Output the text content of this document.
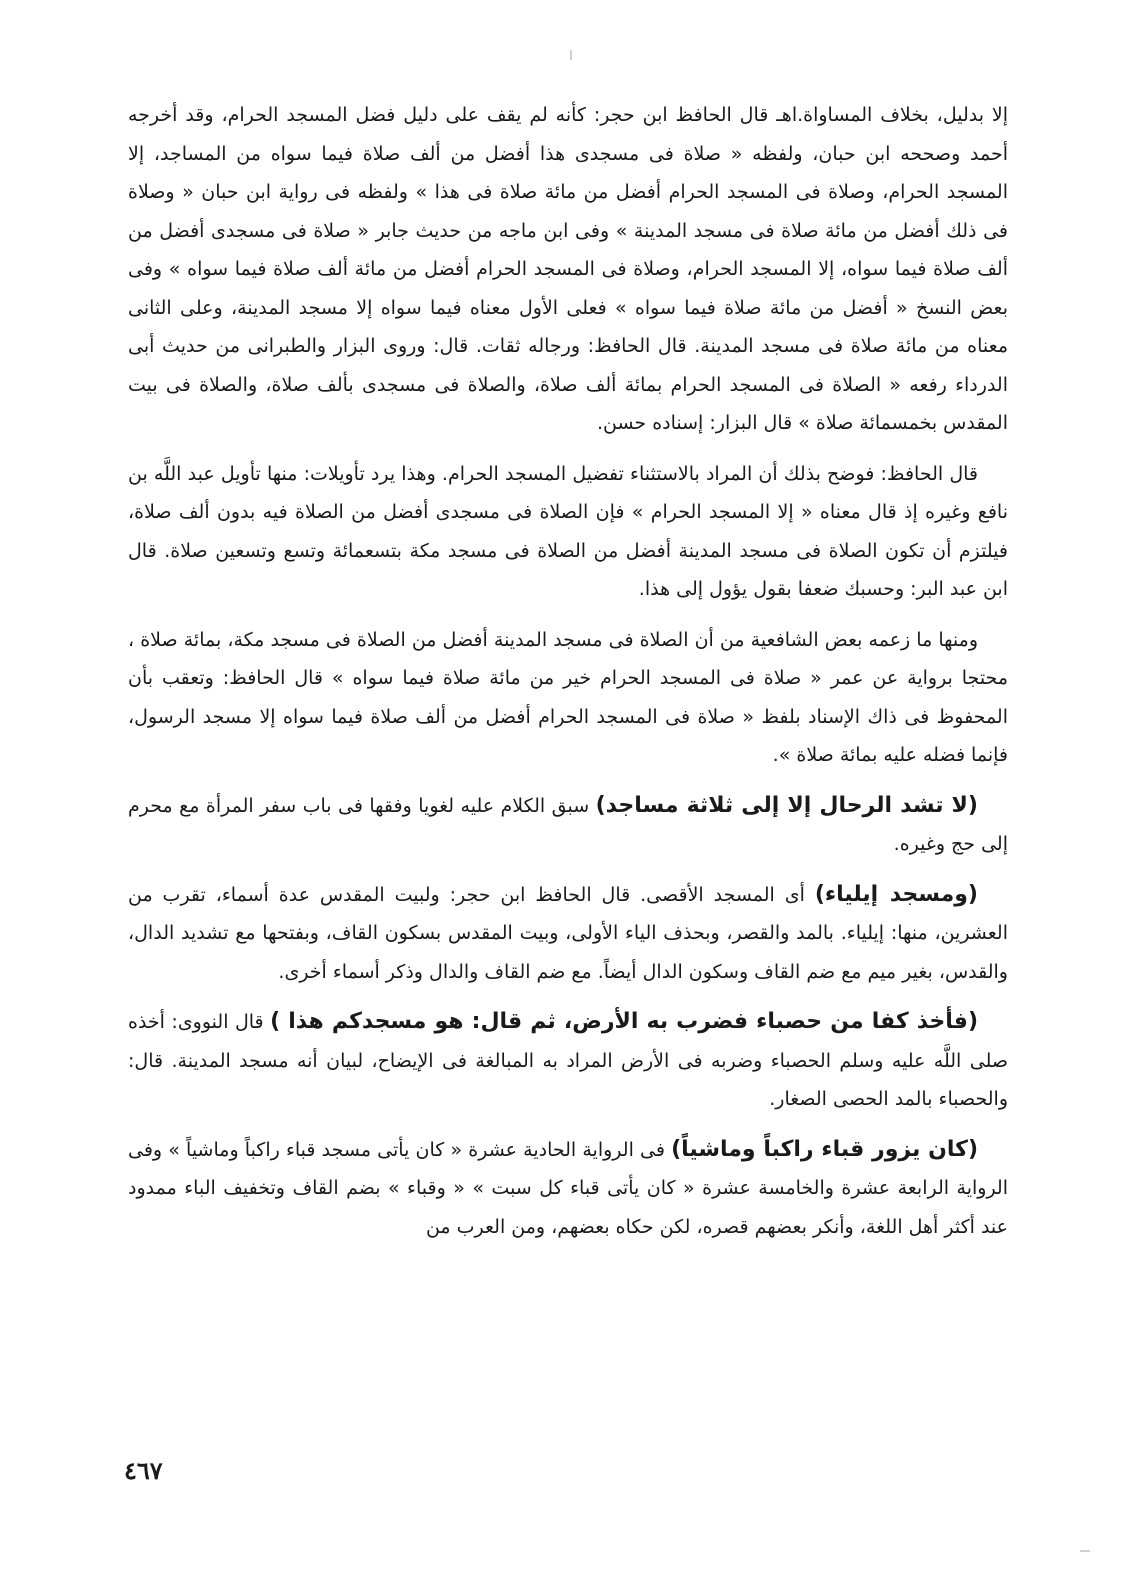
إلا بدليل، بخلاف المساواة.اهـ قال الحافظ ابن حجر: كأنه لم يقف على دليل فضل المسجد الحرام، وقد أخرجه أحمد وصححه ابن حبان، ولفظه « صلاة فى مسجدى هذا أفضل من ألف صلاة فيما سواه من المساجد، إلا المسجد الحرام، وصلاة فى المسجد الحرام أفضل من مائة صلاة فى هذا » ولفظه فى رواية ابن حبان « وصلاة فى ذلك أفضل من مائة صلاة فى مسجد المدينة » وفى ابن ماجه من حديث جابر « صلاة فى مسجدى أفضل من ألف صلاة فيما سواه، إلا المسجد الحرام، وصلاة فى المسجد الحرام أفضل من مائة ألف صلاة فيما سواه » وفى بعض النسخ « أفضل من مائة صلاة فيما سواه » فعلى الأول معناه فيما سواه إلا مسجد المدينة، وعلى الثانى معناه من مائة صلاة فى مسجد المدينة. قال الحافظ: ورجاله ثقات. قال: وروى البزار والطبرانى من حديث أبى الدرداء رفعه « الصلاة فى المسجد الحرام بمائة ألف صلاة، والصلاة فى مسجدى بألف صلاة، والصلاة فى بيت المقدس بخمسمائة صلاة » قال البزار: إسناده حسن.

قال الحافظ: فوضح بذلك أن المراد بالاستثناء تفضيل المسجد الحرام. وهذا يرد تأويلات: منها تأويل عبد اللَّه بن نافع وغيره إذ قال معناه « إلا المسجد الحرام » فإن الصلاة فى مسجدى أفضل من الصلاة فيه بدون ألف صلاة، فيلتزم أن تكون الصلاة فى مسجد المدينة أفضل من الصلاة فى مسجد مكة بتسعمائة وتسع وتسعين صلاة. قال ابن عبد البر: وحسبك ضعفا بقول يؤول إلى هذا.

ومنها ما زعمه بعض الشافعية من أن الصلاة فى مسجد المدينة أفضل من الصلاة فى مسجد مكة، بمائة صلاة ، محتجا برواية عن عمر « صلاة فى المسجد الحرام خير من مائة صلاة فيما سواه » قال الحافظ: وتعقب بأن المحفوظ فى ذاك الإسناد بلفظ « صلاة فى المسجد الحرام أفضل من ألف صلاة فيما سواه إلا مسجد الرسول، فإنما فضله عليه بمائة صلاة ».

(لا تشد الرحال إلا إلى ثلاثة مساجد) سبق الكلام عليه لغويا وفقها فى باب سفر المرأة مع محرم إلى حج وغيره.

(ومسجد إيلياء) أى المسجد الأقصى. قال الحافظ ابن حجر: ولبيت المقدس عدة أسماء، تقرب من العشرين، منها: إيلياء. بالمد والقصر، وبحذف الياء الأولى، وبيت المقدس بسكون القاف، وبفتحها مع تشديد الدال، والقدس، بغير ميم مع ضم القاف وسكون الدال أيضاً. مع ضم القاف والدال وذكر أسماء أخرى.

(فأخذ كفا من حصباء فضرب به الأرض، ثم قال: هو مسجدكم هذا ) قال النووى: أخذه صلى اللَّه عليه وسلم الحصباء وضربه فى الأرض المراد به المبالغة فى الإيضاح، لبيان أنه مسجد المدينة. قال: والحصباء بالمد الحصى الصغار.

(كان يزور قباء راكباً وماشياً) فى الرواية الحادية عشرة « كان يأتى مسجد قباء راكباً وماشياً » وفى الرواية الرابعة عشرة والخامسة عشرة « كان يأتى قباء كل سبت » « وقباء » بضم القاف وتخفيف الباء ممدود عند أكثر أهل اللغة، وأنكر بعضهم قصره، لكن حكاه بعضهم، ومن العرب من

٤٦٧
